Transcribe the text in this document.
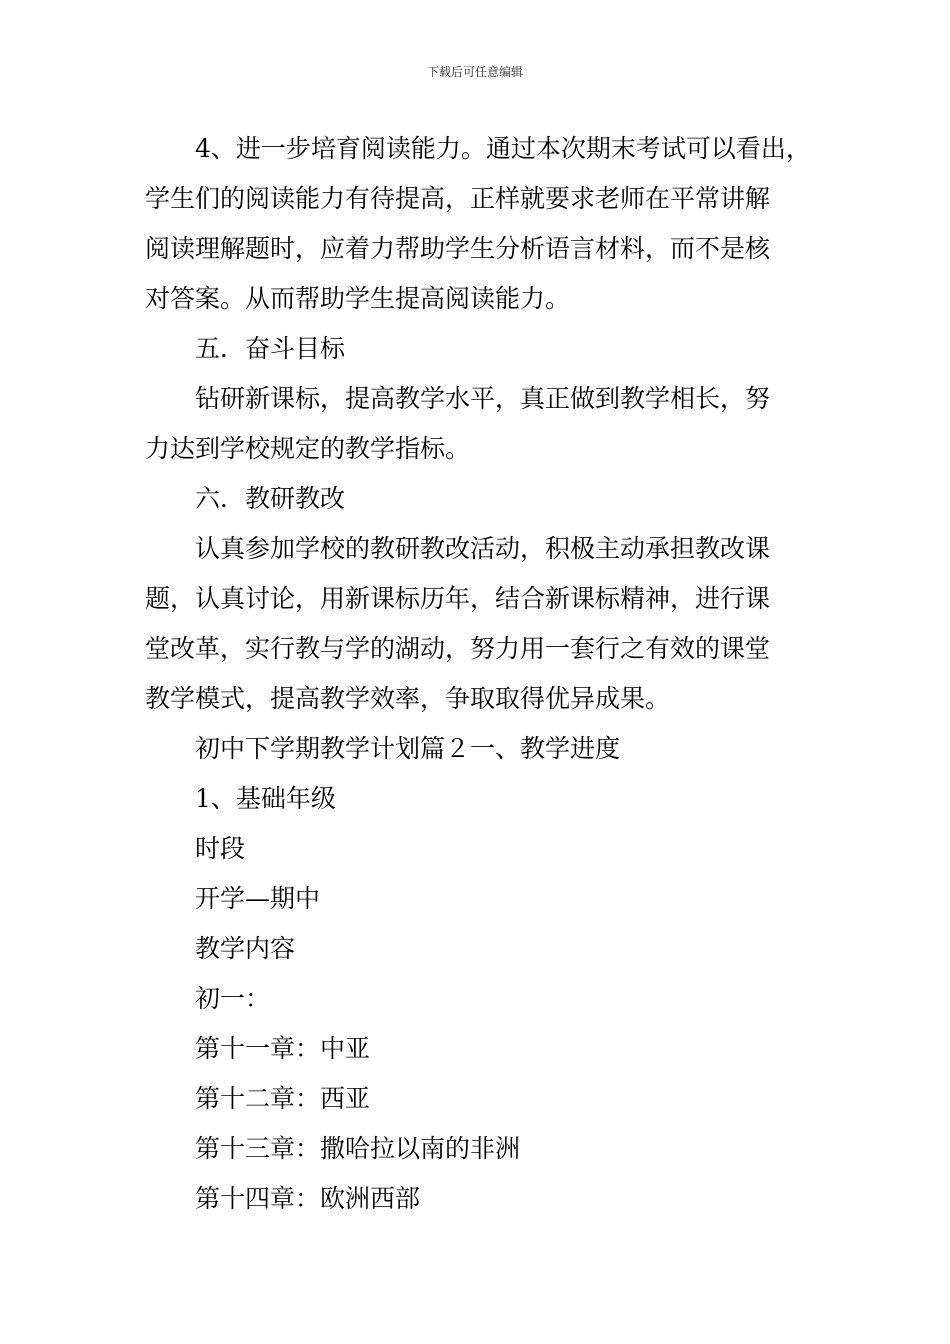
下载后可任意编辑

4、进一步培育阅读能力。通过本次期末考试可以看出，

学生们的阅读能力有待提高，正样就要求老师在平常讲解

阅读理解题时，应着力帮助学生分析语言材料，而不是核

对答案。从而帮助学生提高阅读能力。

五．奋斗目标

钻研新课标，提高教学水平，真正做到教学相长，努

力达到学校规定的教学指标。

六．教研教改

认真参加学校的教研教改活动，积极主动承担教改课

题，认真讨论，用新课标历年，结合新课标精神，进行课

堂改革，实行教与学的湖动，努力用一套行之有效的课堂

教学模式，提高教学效率，争取取得优异成果。

初中下学期教学计划篇２一、教学进度

1、基础年级

时段

开学—期中

教学内容

初一：

第十一章：中亚

第十二章：西亚

第十三章：撒哈拉以南的非洲

第十四章：欧洲西部
